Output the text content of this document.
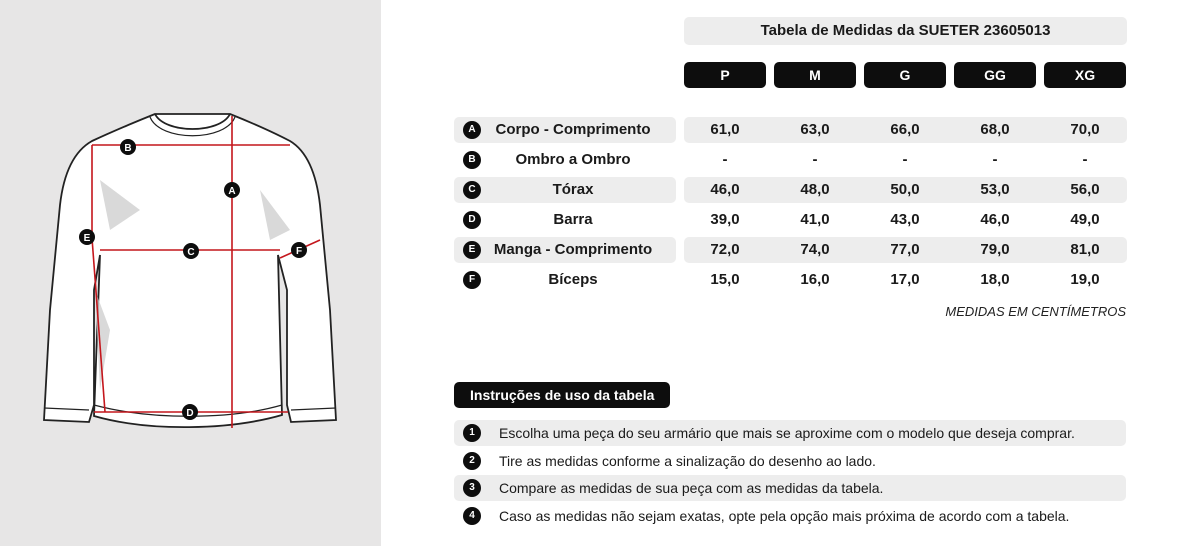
A
B
C
D
E
F
Tabela de Medidas da SUETER 23605013
P	M	G	GG	XG
A	Corpo - Comprimento	61,0	63,0	66,0	68,0	70,0
B	Ombro a Ombro	-	-	-	-	-
C	Tórax	46,0	48,0	50,0	53,0	56,0
D	Barra	39,0	41,0	43,0	46,0	49,0
E	Manga - Comprimento	72,0	74,0	77,0	79,0	81,0
F	Bíceps	15,0	16,0	17,0	18,0	19,0
MEDIDAS EM CENTÍMETROS
Instruções de uso da tabela
1	Escolha uma peça do seu armário que mais se aproxime com o modelo que deseja comprar.
2	Tire as medidas conforme a sinalização do desenho ao lado.
3	Compare as medidas de sua peça com as medidas da tabela.
4	Caso as medidas não sejam exatas, opte pela opção mais próxima de acordo com a tabela.
